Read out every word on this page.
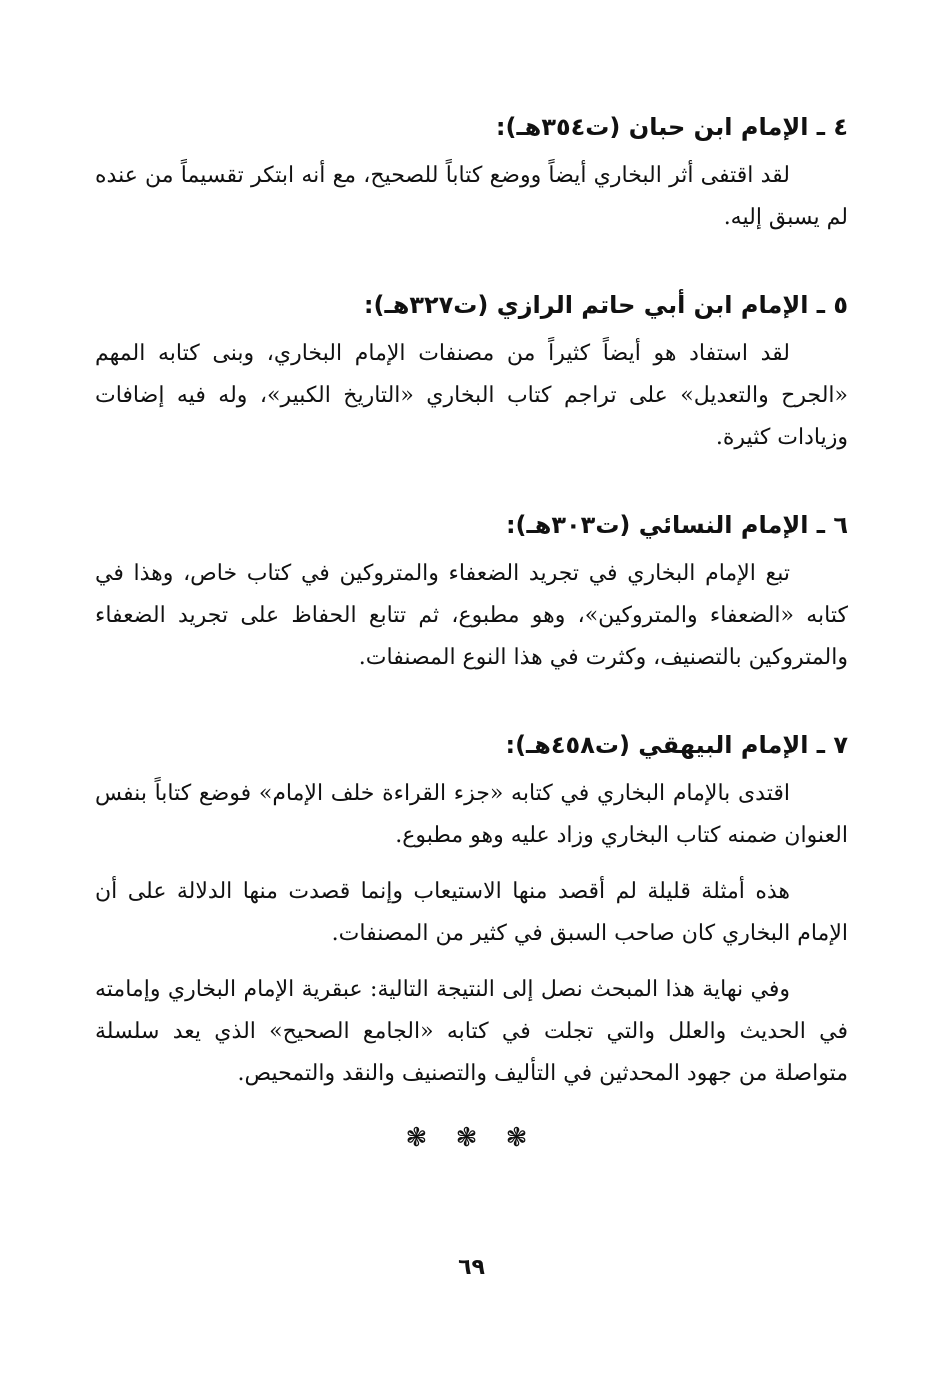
٤ ـ الإمام ابن حبان (ت٣٥٤هـ):

لقد اقتفى أثر البخاري أيضاً ووضع كتاباً للصحيح، مع أنه ابتكر تقسيماً من عنده لم يسبق إليه.

٥ ـ الإمام ابن أبي حاتم الرازي (ت٣٢٧هـ):

لقد استفاد هو أيضاً كثيراً من مصنفات الإمام البخاري، وبنى كتابه المهم «الجرح والتعديل» على تراجم كتاب البخاري «التاريخ الكبير»، وله فيه إضافات وزيادات كثيرة.

٦ ـ الإمام النسائي (ت٣٠٣هـ):

تبع الإمام البخاري في تجريد الضعفاء والمتروكين في كتاب خاص، وهذا في كتابه «الضعفاء والمتروكين»، وهو مطبوع، ثم تتابع الحفاظ على تجريد الضعفاء والمتروكين بالتصنيف، وكثرت في هذا النوع المصنفات.

٧ ـ الإمام البيهقي (ت٤٥٨هـ):

اقتدى بالإمام البخاري في كتابه «جزء القراءة خلف الإمام» فوضع كتاباً بنفس العنوان ضمنه كتاب البخاري وزاد عليه وهو مطبوع.

هذه أمثلة قليلة لم أقصد منها الاستيعاب وإنما قصدت منها الدلالة على أن الإمام البخاري كان صاحب السبق في كثير من المصنفات.

وفي نهاية هذا المبحث نصل إلى النتيجة التالية: عبقرية الإمام البخاري وإمامته في الحديث والعلل والتي تجلت في كتابه «الجامع الصحيح» الذي يعد سلسلة متواصلة من جهود المحدثين في التأليف والتصنيف والنقد والتمحيص.

❃ ❃ ❃
٦٩
